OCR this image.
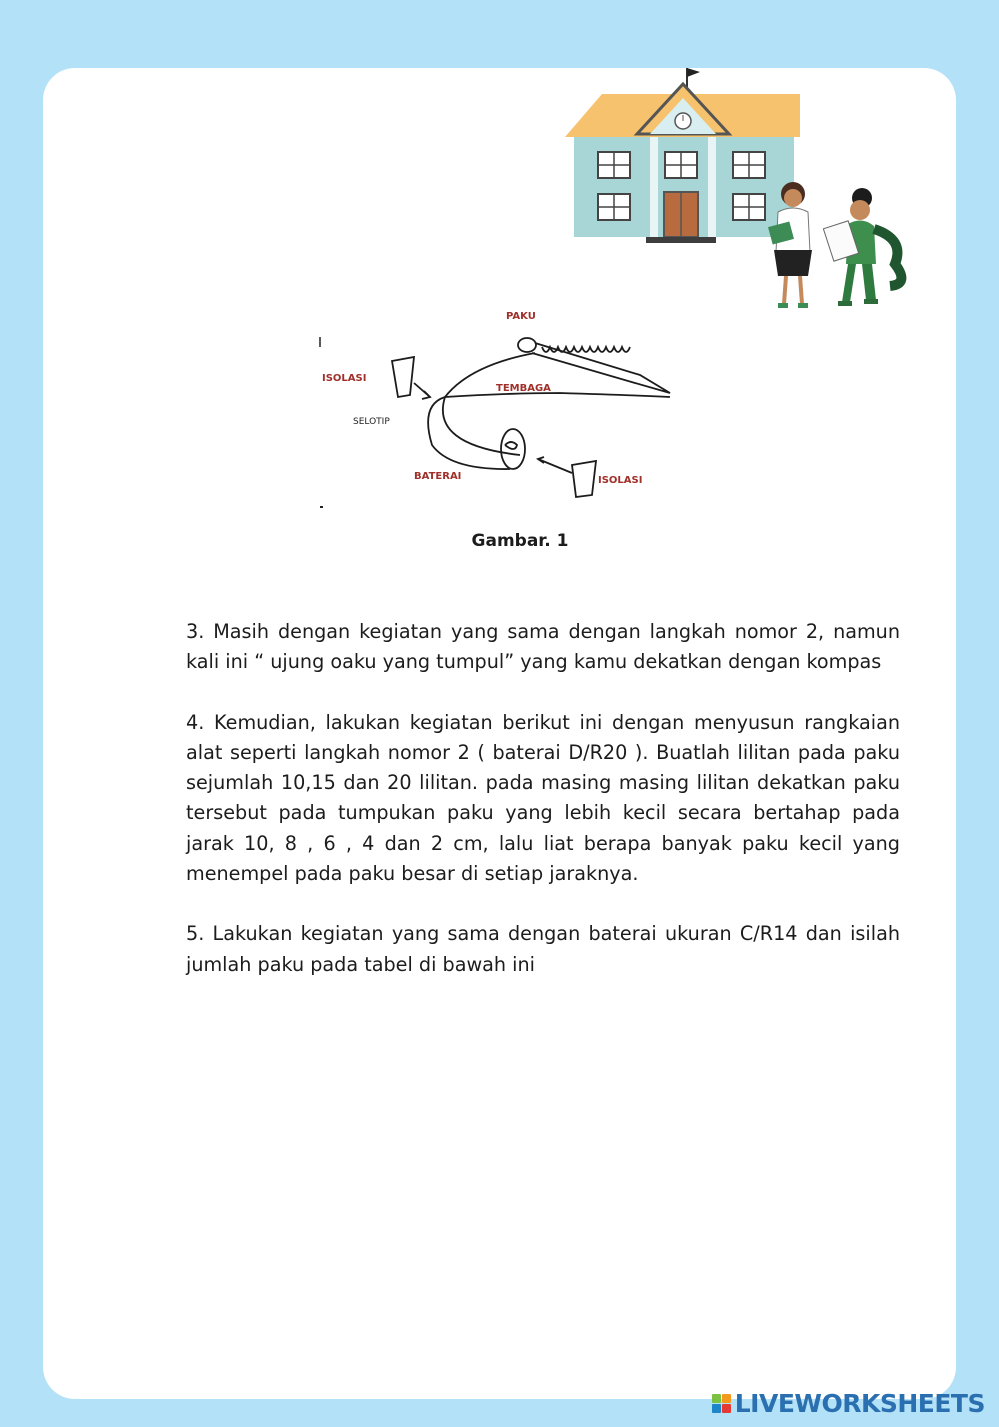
PAKU
ISOLASI
TEMBAGA
BATERAI	ISOLASI
SELOTIP
Gambar. 1

3. Masih dengan kegiatan yang sama dengan langkah nomor 2, namun kali ini “ ujung oaku yang tumpul” yang kamu dekatkan dengan kompas

4. Kemudian, lakukan kegiatan berikut ini dengan menyusun rangkaian alat seperti langkah nomor 2 ( baterai D/R20 ). Buatlah lilitan pada paku sejumlah 10,15 dan 20 lilitan. pada masing masing lilitan dekatkan paku tersebut pada tumpukan paku yang lebih kecil secara bertahap pada jarak 10, 8 , 6 , 4 dan 2 cm, lalu liat berapa banyak paku kecil yang menempel pada paku besar di setiap jaraknya.

5. Lakukan kegiatan yang sama dengan baterai ukuran C/R14 dan isilah jumlah paku pada tabel di bawah ini

LIVEWORKSHEETS
